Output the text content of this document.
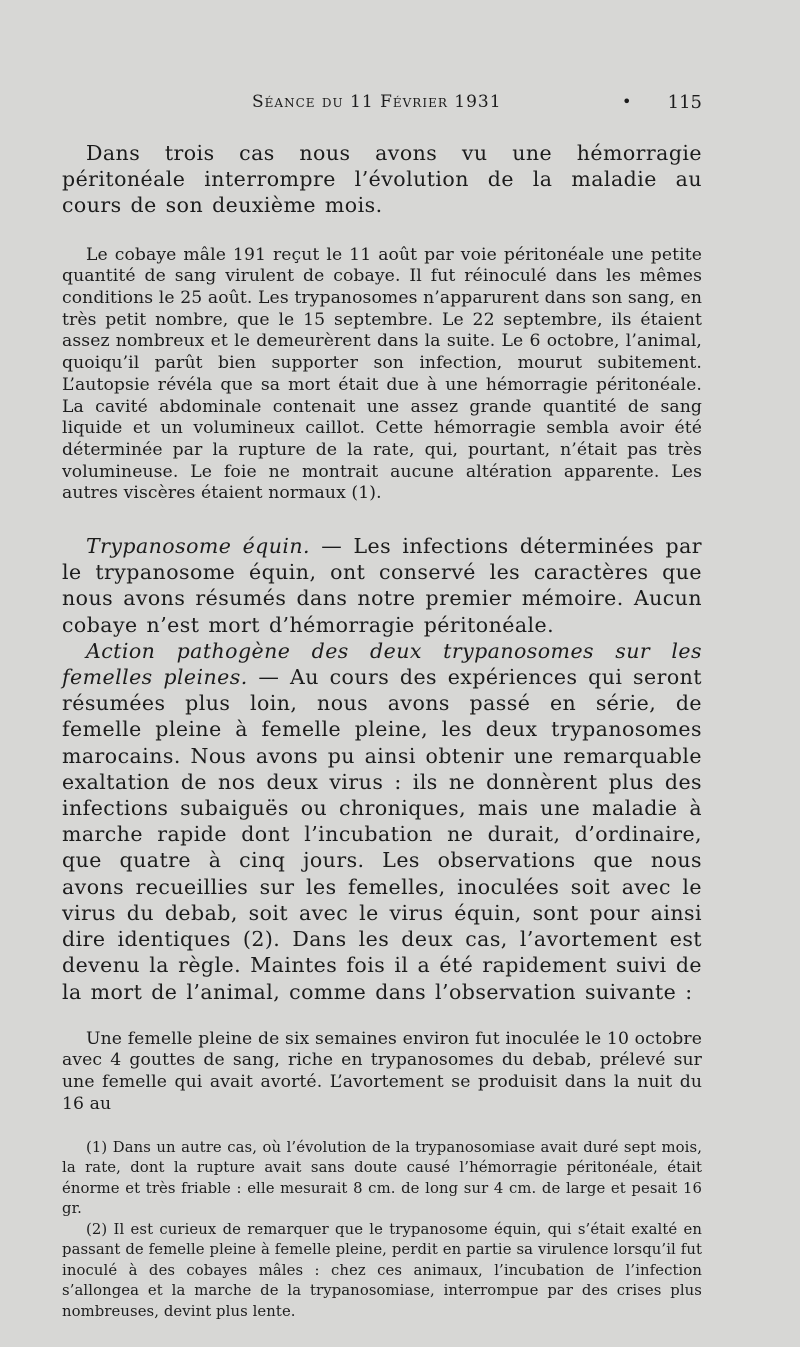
Séance du 11 Février 1931	• 115

Dans trois cas nous avons vu une hémorragie péritonéale interrompre l’évolution de la maladie au cours de son deuxième mois.

Le cobaye mâle 191 reçut le 11 août par voie péritonéale une petite quantité de sang virulent de cobaye. Il fut réinoculé dans les mêmes conditions le 25 août. Les trypanosomes n’apparurent dans son sang, en très petit nombre, que le 15 septembre. Le 22 septembre, ils étaient assez nombreux et le demeurèrent dans la suite. Le 6 octobre, l’animal, quoiqu’il parût bien supporter son infection, mourut subitement. L’autopsie révéla que sa mort était due à une hémorragie péritonéale. La cavité abdominale contenait une assez grande quantité de sang liquide et un volumineux caillot. Cette hémorragie sembla avoir été déterminée par la rupture de la rate, qui, pourtant, n’était pas très volumineuse. Le foie ne montrait aucune altération apparente. Les autres viscères étaient normaux (1).

Trypanosome équin. — Les infections déterminées par le trypanosome équin, ont conservé les caractères que nous avons résumés dans notre premier mémoire. Aucun cobaye n’est mort d’hémorragie péritonéale.

Action pathogène des deux trypanosomes sur les femelles pleines. — Au cours des expériences qui seront résumées plus loin, nous avons passé en série, de femelle pleine à femelle pleine, les deux trypanosomes marocains. Nous avons pu ainsi obtenir une remarquable exaltation de nos deux virus : ils ne donnèrent plus des infections subaiguës ou chroniques, mais une maladie à marche rapide dont l’incubation ne durait, d’ordinaire, que quatre à cinq jours. Les observations que nous avons recueillies sur les femelles, inoculées soit avec le virus du debab, soit avec le virus équin, sont pour ainsi dire identiques (2). Dans les deux cas, l’avortement est devenu la règle. Maintes fois il a été rapidement suivi de la mort de l’animal, comme dans l’observation suivante :

Une femelle pleine de six semaines environ fut inoculée le 10 octobre avec 4 gouttes de sang, riche en trypanosomes du debab, prélevé sur une femelle qui avait avorté. L’avortement se produisit dans la nuit du 16 au

(1) Dans un autre cas, où l’évolution de la trypanosomiase avait duré sept mois, la rate, dont la rupture avait sans doute causé l’hémorragie péritonéale, était énorme et très friable : elle mesurait 8 cm. de long sur 4 cm. de large et pesait 16 gr.

(2) Il est curieux de remarquer que le trypanosome équin, qui s’était exalté en passant de femelle pleine à femelle pleine, perdit en partie sa virulence lorsqu’il fut inoculé à des cobayes mâles : chez ces animaux, l’incubation de l’infection s’allongea et la marche de la trypanosomiase, interrompue par des crises plus nombreuses, devint plus lente.
